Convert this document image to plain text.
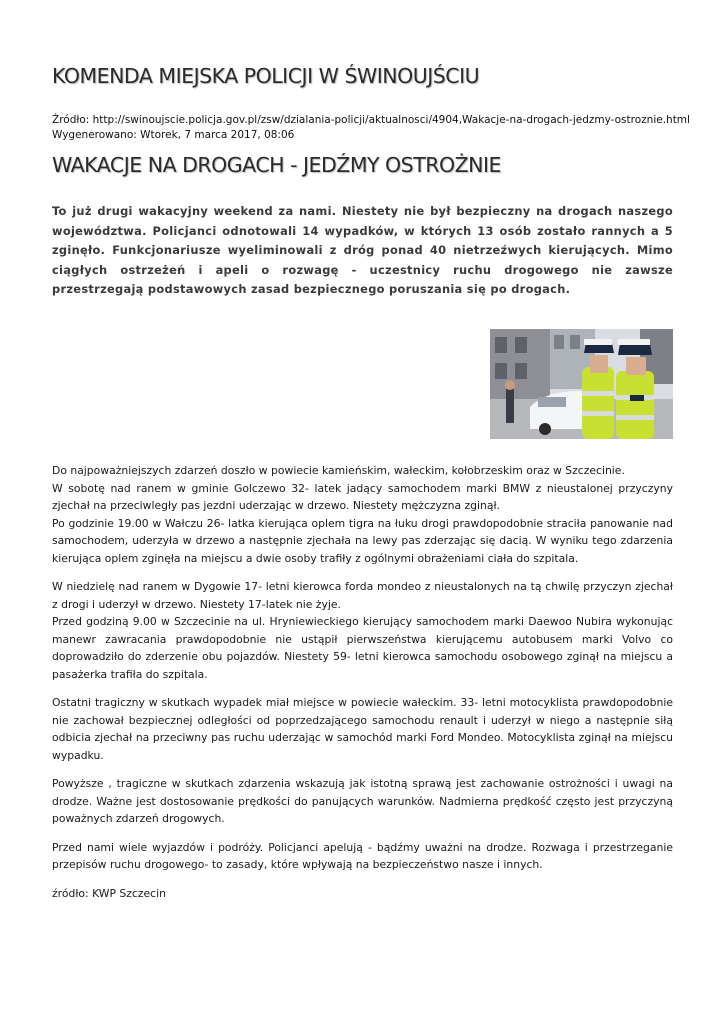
KOMENDA MIEJSKA POLICJI W ŚWINOUJŚCIU
Źródło: http://swinoujscie.policja.gov.pl/zsw/dzialania-policji/aktualnosci/4904,Wakacje-na-drogach-jedzmy-ostroznie.html
Wygenerowano: Wtorek, 7 marca 2017, 08:06
WAKACJE NA DROGACH - JEDŹMY OSTROŻNIE

To już drugi wakacyjny weekend za nami. Niestety nie był bezpieczny na drogach naszego województwa. Policjanci odnotowali 14 wypadków, w których 13 osób zostało rannych a 5 zginęło. Funkcjonariusze wyeliminowali z dróg ponad 40 nietrzeźwych kierujących. Mimo ciągłych ostrzeżeń i apeli o rozwagę - uczestnicy ruchu drogowego nie zawsze przestrzegają podstawowych zasad bezpiecznego poruszania się po drogach.

Do najpoważniejszych zdarzeń doszło w powiecie kamieńskim, wałeckim, kołobrzeskim oraz w Szczecinie.
W sobotę nad ranem w gminie Golczewo 32- latek jadący samochodem marki BMW z nieustalonej przyczyny zjechał na przeciwległy pas jezdni uderzając w drzewo. Niestety mężczyzna zginął.
Po godzinie 19.00 w Wałczu 26- latka kierująca oplem tigra na łuku drogi prawdopodobnie straciła panowanie nad samochodem, uderzyła w drzewo a następnie zjechała na lewy pas zderzając się dacią. W wyniku tego zdarzenia kierująca oplem zginęła na miejscu a dwie osoby trafiły z ogólnymi obrażeniami ciała do szpitala.

W niedzielę nad ranem w Dygowie 17- letni kierowca forda mondeo z nieustalonych na tą chwilę przyczyn zjechał z drogi i uderzył w drzewo. Niestety 17-latek nie żyje.
Przed godziną 9.00 w Szczecinie na ul. Hryniewieckiego kierujący samochodem marki Daewoo Nubira wykonując manewr zawracania prawdopodobnie nie ustąpił pierwszeństwa kierującemu autobusem marki Volvo co doprowadziło do zderzenie obu pojazdów. Niestety 59- letni kierowca samochodu osobowego zginął na miejscu a pasażerka trafiła do szpitala.

Ostatni tragiczny w skutkach wypadek miał miejsce w powiecie wałeckim. 33- letni motocyklista prawdopodobnie nie zachował bezpiecznej odległości od poprzedzającego samochodu renault i uderzył w niego a następnie siłą odbicia zjechał na przeciwny pas ruchu uderzając w samochód marki Ford Mondeo. Motocyklista zginął na miejscu wypadku.

Powyższe , tragiczne w skutkach zdarzenia wskazują jak istotną sprawą jest zachowanie ostrożności i uwagi na drodze. Ważne jest dostosowanie prędkości do panujących warunków. Nadmierna prędkość często jest przyczyną poważnych zdarzeń drogowych.

Przed nami wiele wyjazdów i podróży. Policjanci apelują - bądźmy uważni na drodze. Rozwaga i przestrzeganie przepisów ruchu drogowego- to zasady, które wpływają na bezpieczeństwo nasze i innych.

źródło: KWP Szczecin
